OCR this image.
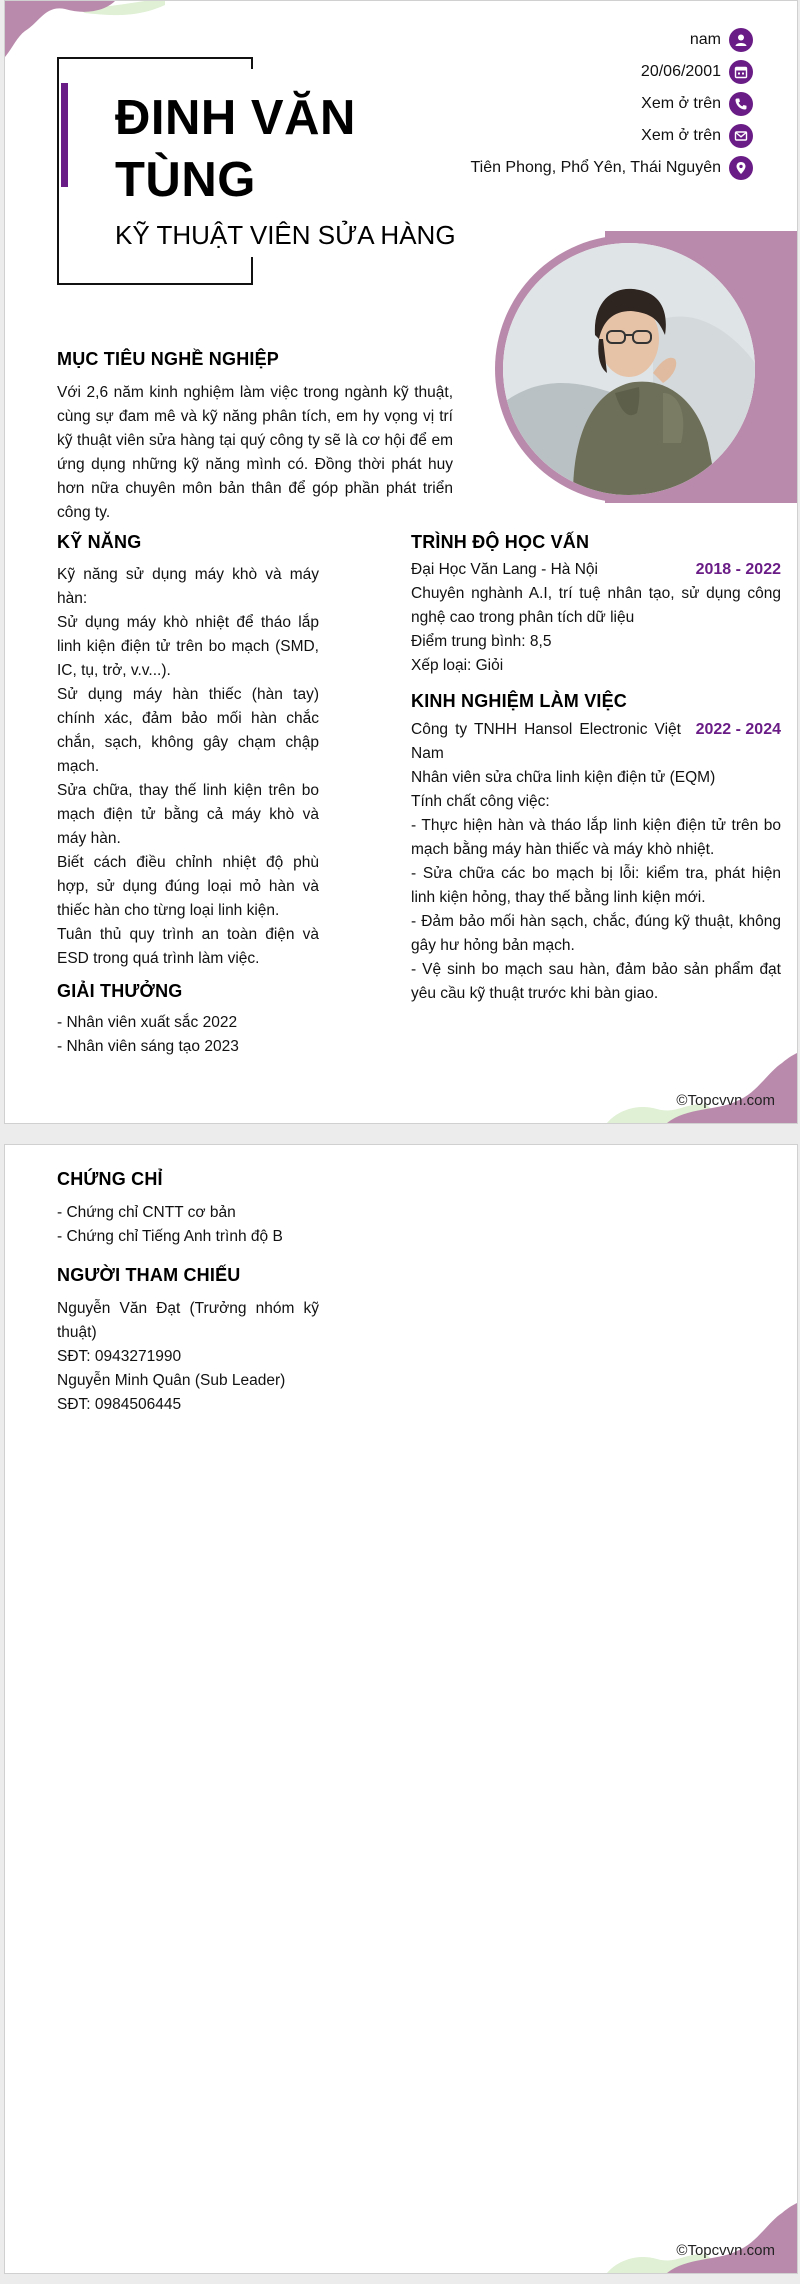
ĐINH VĂN TÙNG
KỸ THUẬT VIÊN SỬA HÀNG
nam
20/06/2001
Xem ở trên
Xem ở trên
Tiên Phong, Phổ Yên, Thái Nguyên
MỤC TIÊU NGHỀ NGHIỆP
Với 2,6 năm kinh nghiệm làm việc trong ngành kỹ thuật, cùng sự đam mê và kỹ năng phân tích, em hy vọng vị trí kỹ thuật viên sửa hàng tại quý công ty sẽ là cơ hội để em ứng dụng những kỹ năng mình có. Đồng thời phát huy hơn nữa chuyên môn bản thân để góp phần phát triển công ty.
KỸ NĂNG
Kỹ năng sử dụng máy khò và máy hàn:
Sử dụng máy khò nhiệt để tháo lắp linh kiện điện tử trên bo mạch (SMD, IC, tụ, trở, v.v...).
Sử dụng máy hàn thiếc (hàn tay) chính xác, đảm bảo mối hàn chắc chắn, sạch, không gây chạm chập mạch.
Sửa chữa, thay thế linh kiện trên bo mạch điện tử bằng cả máy khò và máy hàn.
Biết cách điều chỉnh nhiệt độ phù hợp, sử dụng đúng loại mỏ hàn và thiếc hàn cho từng loại linh kiện.
Tuân thủ quy trình an toàn điện và ESD trong quá trình làm việc.
GIẢI THƯỞNG
- Nhân viên xuất sắc 2022
- Nhân viên sáng tạo 2023
TRÌNH ĐỘ HỌC VẤN
Đại Học Văn Lang - Hà Nội	2018 - 2022
Chuyên nghành A.I, trí tuệ nhân tạo, sử dụng công nghệ cao trong phân tích dữ liệu
Điểm trung bình: 8,5
Xếp loại: Giỏi
KINH NGHIỆM LÀM VIỆC
Công ty TNHH Hansol Electronic Việt Nam
2022 - 2024
Nhân viên sửa chữa linh kiện điện tử (EQM)
Tính chất công việc:
- Thực hiện hàn và tháo lắp linh kiện điện tử trên bo mạch bằng máy hàn thiếc và máy khò nhiệt.
- Sửa chữa các bo mạch bị lỗi: kiểm tra, phát hiện linh kiện hỏng, thay thế bằng linh kiện mới.
- Đảm bảo mối hàn sạch, chắc, đúng kỹ thuật, không gây hư hỏng bản mạch.
- Vệ sinh bo mạch sau hàn, đảm bảo sản phẩm đạt yêu cầu kỹ thuật trước khi bàn giao.
©Topcvvn.com
CHỨNG CHỈ
- Chứng chỉ CNTT cơ bản
- Chứng chỉ Tiếng Anh trình độ B
NGƯỜI THAM CHIẾU
Nguyễn Văn Đạt (Trưởng nhóm kỹ thuật)
SĐT: 0943271990
Nguyễn Minh Quân (Sub Leader)
SĐT: 0984506445
©Topcvvn.com
